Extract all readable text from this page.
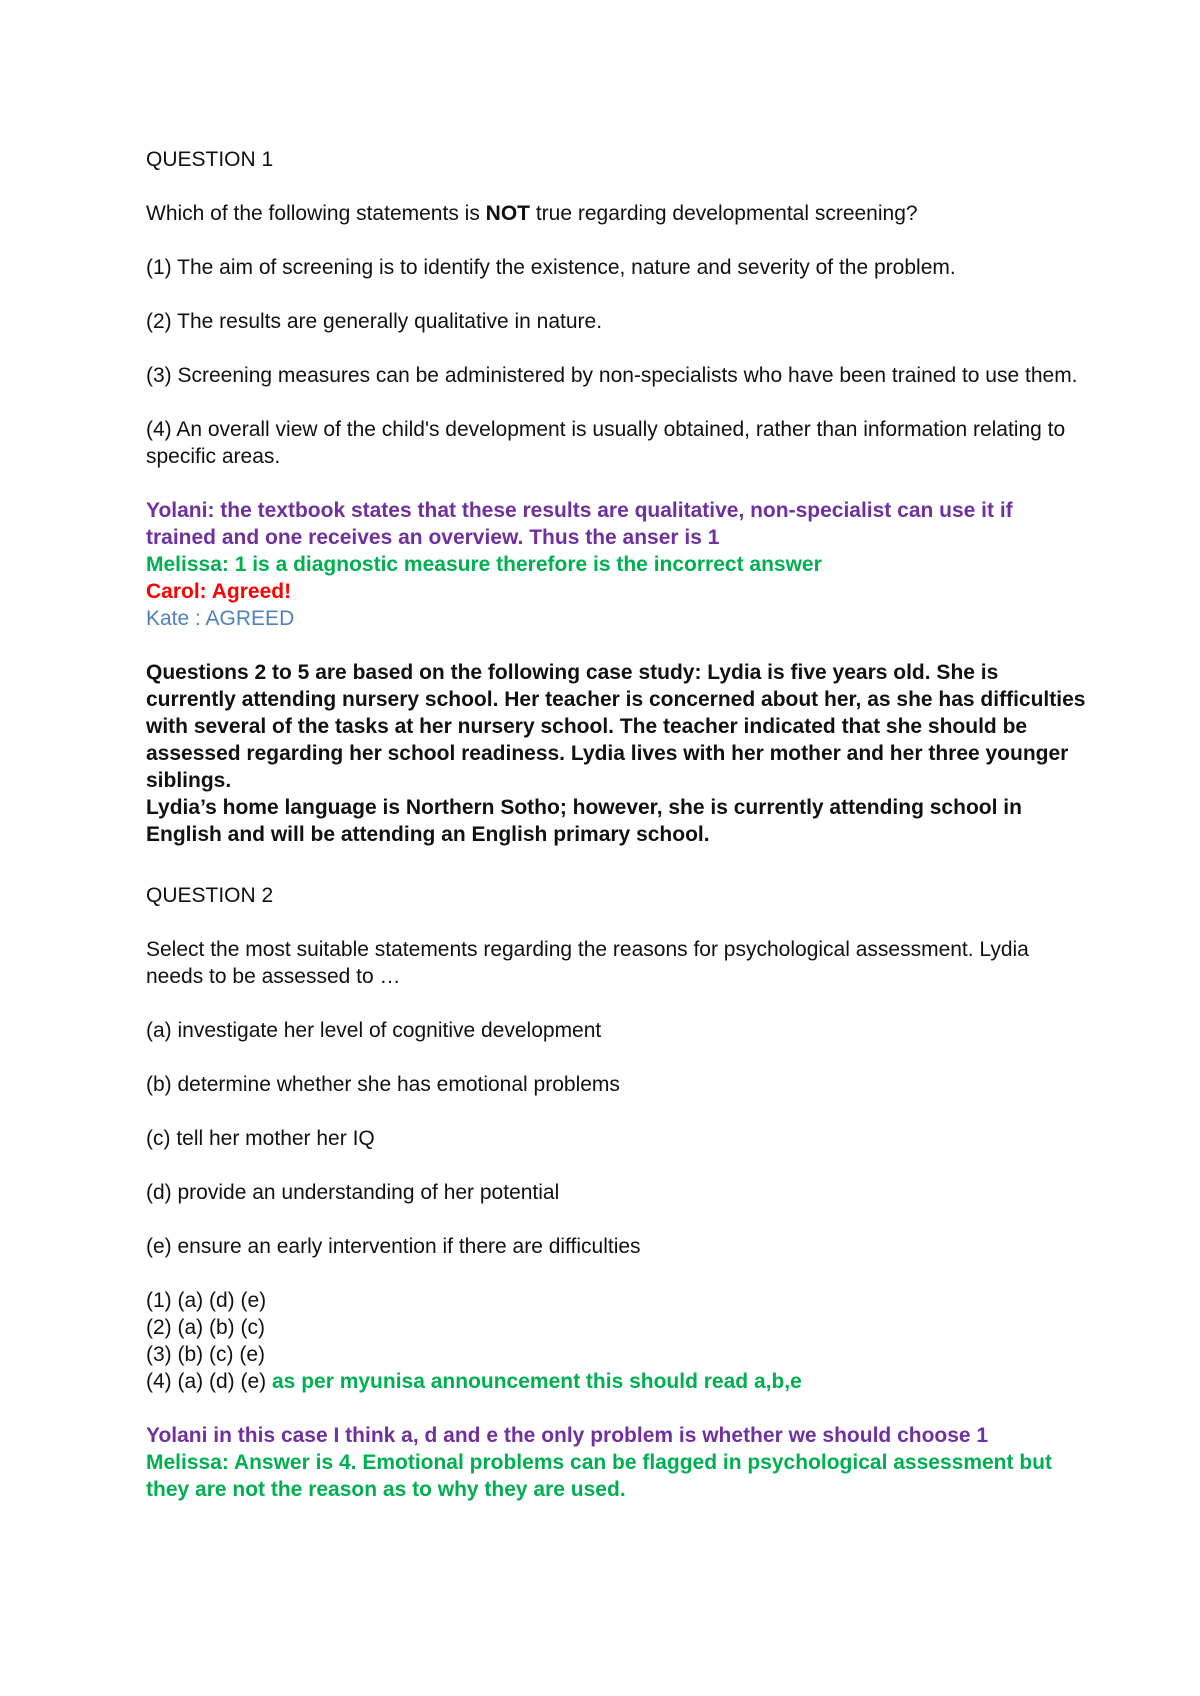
QUESTION 1

Which of the following statements is NOT true regarding developmental screening?

(1) The aim of screening is to identify the existence, nature and severity of the problem.

(2) The results are generally qualitative in nature.

(3) Screening measures can be administered by non-specialists who have been trained to use them.

(4) An overall view of the child's development is usually obtained, rather than information relating to specific areas.

Yolani: the textbook states that these results are qualitative, non-specialist can use it if trained and one receives an overview. Thus the anser is 1

Melissa: 1 is a diagnostic measure therefore is the incorrect answer

Carol: Agreed!

Kate : AGREED

Questions 2 to 5 are based on the following case study: Lydia is five years old. She is currently attending nursery school. Her teacher is concerned about her, as she has difficulties with several of the tasks at her nursery school. The teacher indicated that she should be assessed regarding her school readiness. Lydia lives with her mother and her three younger siblings.

Lydia’s home language is Northern Sotho; however, she is currently attending school in English and will be attending an English primary school.

QUESTION 2

Select the most suitable statements regarding the reasons for psychological assessment. Lydia needs to be assessed to …

(a) investigate her level of cognitive development

(b) determine whether she has emotional problems

(c) tell her mother her IQ

(d) provide an understanding of her potential

(e) ensure an early intervention if there are difficulties

(1) (a) (d) (e)

(2) (a) (b) (c)

(3) (b) (c) (e)

(4) (a) (d) (e) as per myunisa announcement this should read a,b,e

Yolani in this case I think a, d and e the only problem is whether we should choose 1

Melissa: Answer is 4. Emotional problems can be flagged in psychological assessment but they are not the reason as to why they are used.
